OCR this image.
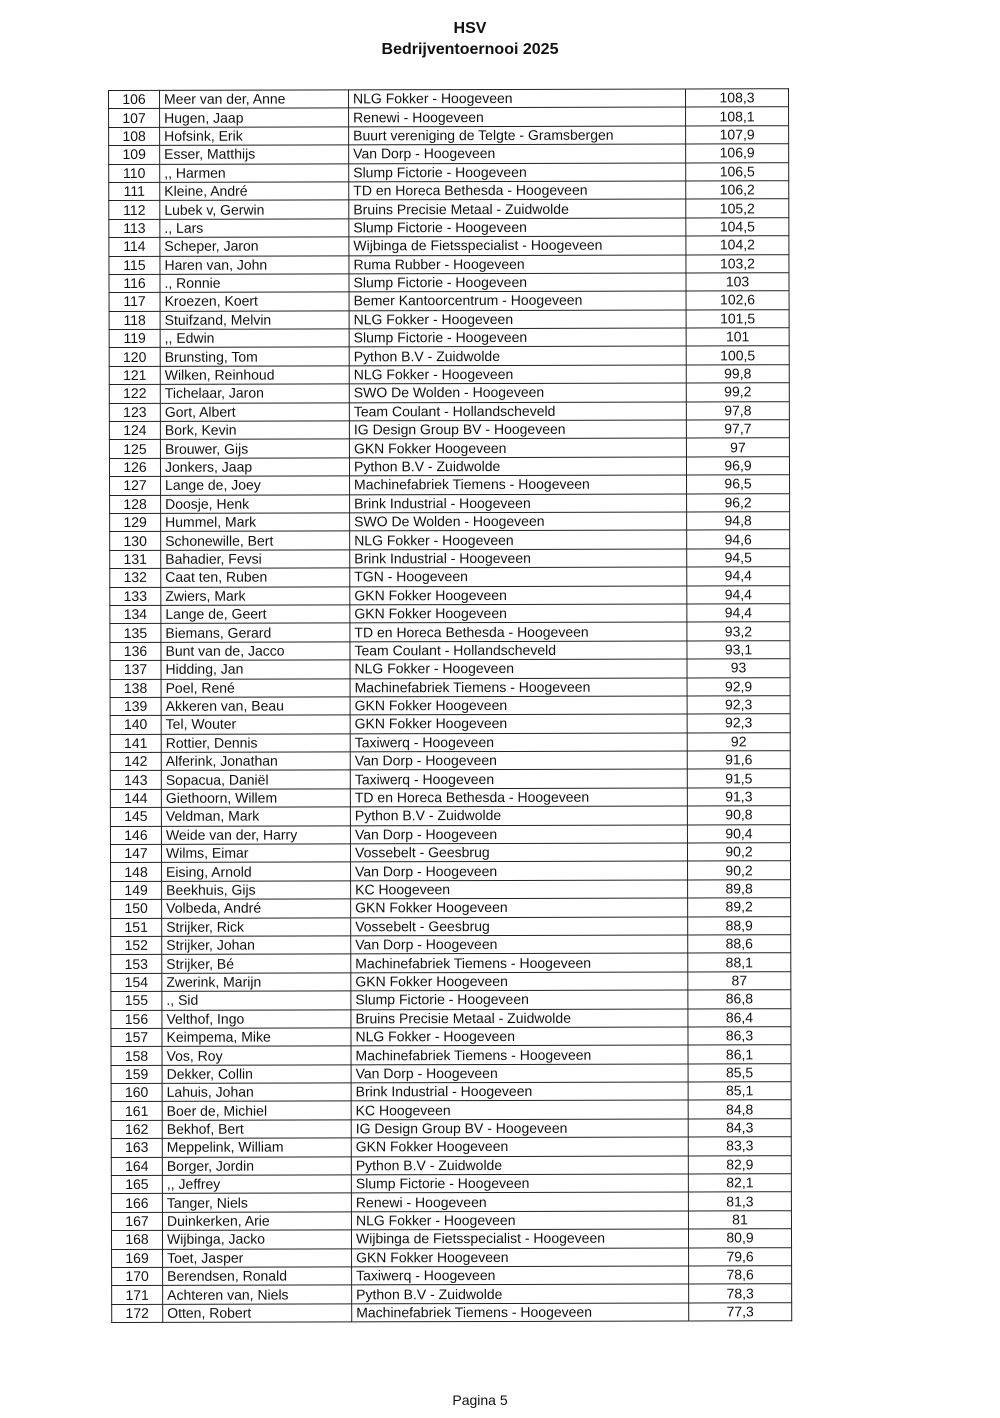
HSV
Bedrijventoernooi 2025
106	Meer van der, Anne	NLG Fokker - Hoogeveen	108,3
107	Hugen, Jaap	Renewi - Hoogeveen	108,1
108	Hofsink, Erik	Buurt vereniging de Telgte - Gramsbergen	107,9
109	Esser, Matthijs	Van Dorp - Hoogeveen	106,9
110	,, Harmen	Slump Fictorie - Hoogeveen	106,5
111	Kleine, André	TD en Horeca Bethesda - Hoogeveen	106,2
112	Lubek v, Gerwin	Bruins Precisie Metaal - Zuidwolde	105,2
113	., Lars	Slump Fictorie - Hoogeveen	104,5
114	Scheper, Jaron	Wijbinga de Fietsspecialist - Hoogeveen	104,2
115	Haren van, John	Ruma Rubber - Hoogeveen	103,2
116	., Ronnie	Slump Fictorie - Hoogeveen	103
117	Kroezen, Koert	Bemer Kantoorcentrum - Hoogeveen	102,6
118	Stuifzand, Melvin	NLG Fokker - Hoogeveen	101,5
119	,, Edwin	Slump Fictorie - Hoogeveen	101
120	Brunsting, Tom	Python B.V - Zuidwolde	100,5
121	Wilken, Reinhoud	NLG Fokker - Hoogeveen	99,8
122	Tichelaar, Jaron	SWO De Wolden - Hoogeveen	99,2
123	Gort, Albert	Team Coulant - Hollandscheveld	97,8
124	Bork, Kevin	IG Design Group BV - Hoogeveen	97,7
125	Brouwer, Gijs	GKN Fokker Hoogeveen	97
126	Jonkers, Jaap	Python B.V - Zuidwolde	96,9
127	Lange de, Joey	Machinefabriek Tiemens - Hoogeveen	96,5
128	Doosje, Henk	Brink Industrial - Hoogeveen	96,2
129	Hummel, Mark	SWO De Wolden - Hoogeveen	94,8
130	Schonewille, Bert	NLG Fokker - Hoogeveen	94,6
131	Bahadier, Fevsi	Brink Industrial - Hoogeveen	94,5
132	Caat ten, Ruben	TGN - Hoogeveen	94,4
133	Zwiers, Mark	GKN Fokker Hoogeveen	94,4
134	Lange de, Geert	GKN Fokker Hoogeveen	94,4
135	Biemans, Gerard	TD en Horeca Bethesda - Hoogeveen	93,2
136	Bunt van de, Jacco	Team Coulant - Hollandscheveld	93,1
137	Hidding, Jan	NLG Fokker - Hoogeveen	93
138	Poel, René	Machinefabriek Tiemens - Hoogeveen	92,9
139	Akkeren van, Beau	GKN Fokker Hoogeveen	92,3
140	Tel, Wouter	GKN Fokker Hoogeveen	92,3
141	Rottier, Dennis	Taxiwerq - Hoogeveen	92
142	Alferink, Jonathan	Van Dorp - Hoogeveen	91,6
143	Sopacua, Daniël	Taxiwerq - Hoogeveen	91,5
144	Giethoorn, Willem	TD en Horeca Bethesda - Hoogeveen	91,3
145	Veldman, Mark	Python B.V - Zuidwolde	90,8
146	Weide van der, Harry	Van Dorp - Hoogeveen	90,4
147	Wilms, Eimar	Vossebelt - Geesbrug	90,2
148	Eising, Arnold	Van Dorp - Hoogeveen	90,2
149	Beekhuis, Gijs	KC Hoogeveen	89,8
150	Volbeda, André	GKN Fokker Hoogeveen	89,2
151	Strijker, Rick	Vossebelt - Geesbrug	88,9
152	Strijker, Johan	Van Dorp - Hoogeveen	88,6
153	Strijker, Bé	Machinefabriek Tiemens - Hoogeveen	88,1
154	Zwerink, Marijn	GKN Fokker Hoogeveen	87
155	., Sid	Slump Fictorie - Hoogeveen	86,8
156	Velthof, Ingo	Bruins Precisie Metaal - Zuidwolde	86,4
157	Keimpema, Mike	NLG Fokker - Hoogeveen	86,3
158	Vos, Roy	Machinefabriek Tiemens - Hoogeveen	86,1
159	Dekker, Collin	Van Dorp - Hoogeveen	85,5
160	Lahuis, Johan	Brink Industrial - Hoogeveen	85,1
161	Boer de, Michiel	KC Hoogeveen	84,8
162	Bekhof, Bert	IG Design Group BV - Hoogeveen	84,3
163	Meppelink, William	GKN Fokker Hoogeveen	83,3
164	Borger, Jordin	Python B.V - Zuidwolde	82,9
165	,, Jeffrey	Slump Fictorie - Hoogeveen	82,1
166	Tanger, Niels	Renewi - Hoogeveen	81,3
167	Duinkerken, Arie	NLG Fokker - Hoogeveen	81
168	Wijbinga, Jacko	Wijbinga de Fietsspecialist - Hoogeveen	80,9
169	Toet, Jasper	GKN Fokker Hoogeveen	79,6
170	Berendsen, Ronald	Taxiwerq - Hoogeveen	78,6
171	Achteren van, Niels	Python B.V - Zuidwolde	78,3
172	Otten, Robert	Machinefabriek Tiemens - Hoogeveen	77,3
Pagina 5
